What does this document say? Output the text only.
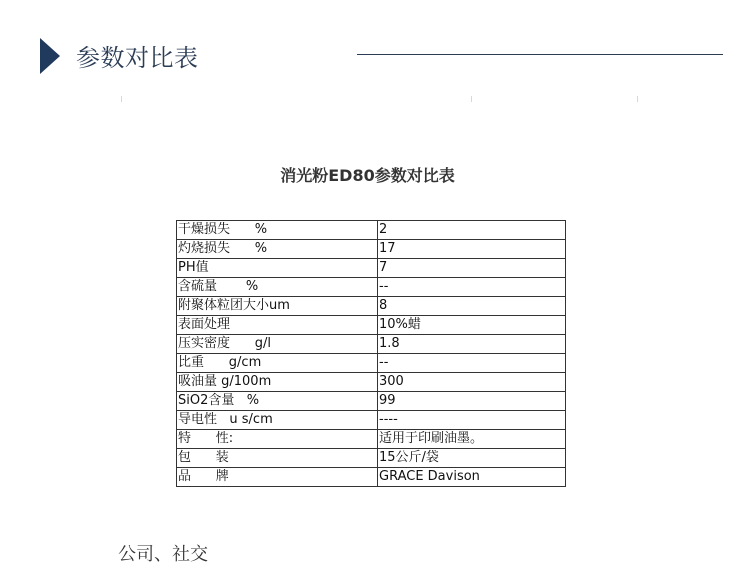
参数对比表
消光粉ED80参数对比表
干燥损失      %	2
灼烧损失      %	17
PH值	7
含硫量       %	--
附聚体粒团大小um	8
表面处理	10%蜡
压实密度      g/l	1.8
比重      g/cm	--
吸油量 g/100m	300
SiO2含量   %	99
导电性   u s/cm	----
特      性:	适用于印刷油墨。
包      装	15公斤/袋
品      牌	GRACE Davison
公司、社交
